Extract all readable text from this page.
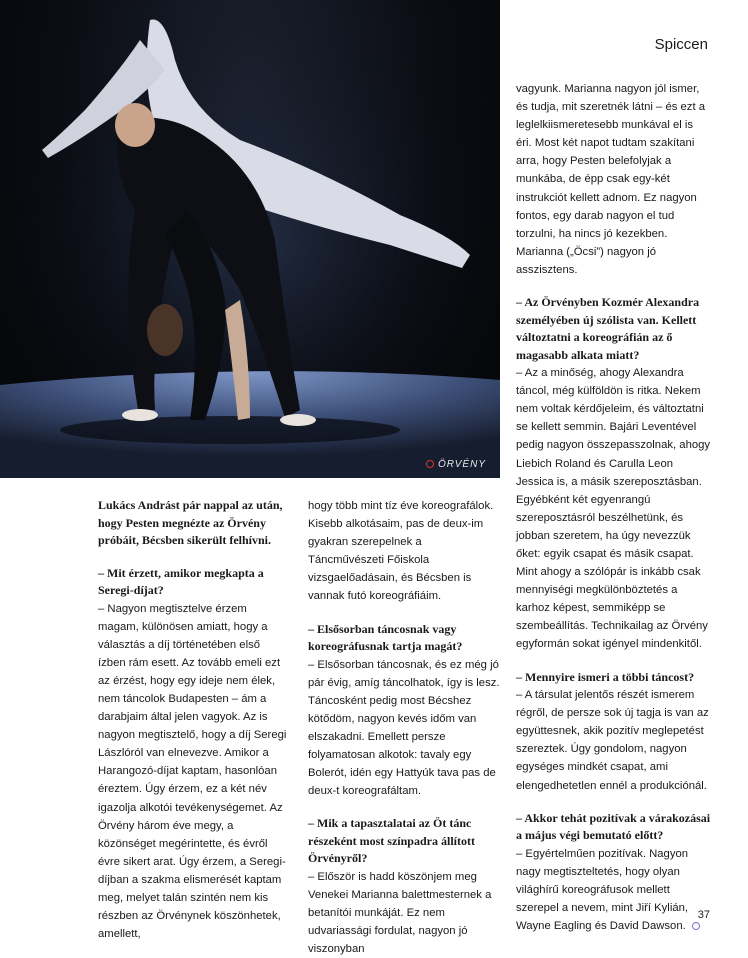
ÖRVÉNY
Spiccen

Lukács Andrást pár nappal az után, hogy Pesten megnézte az Örvény próbáit, Bécsben sikerült felhívni.

– Mit érzett, amikor megkapta a Seregi-díjat?

– Nagyon megtisztelve érzem magam, különösen amiatt, hogy a választás a díj történetében első ízben rám esett. Az tovább emeli ezt az érzést, hogy egy ideje nem élek, nem táncolok Budapesten – ám a darabjaim által jelen vagyok. Az is nagyon megtisztelő, hogy a díj Seregi Lászlóról van elnevezve. Amikor a Harangozó-díjat kaptam, hasonlóan éreztem. Úgy érzem, ez a két név igazolja alkotói tevékenységemet. Az Örvény három éve megy, a közönséget megérintette, és évről évre sikert arat. Úgy érzem, a Seregi-díjban a szakma elismerését kaptam meg, melyet talán szintén nem kis részben az Örvénynek köszönhetek, amellett,

hogy több mint tíz éve koreografálok. Kisebb alkotásaim, pas de deux-im gyakran szerepelnek a Táncművészeti Főiskola vizsgaelőadásain, és Bécsben is vannak futó koreográfiáim.

– Elsősorban táncosnak vagy koreográfusnak tartja magát?

– Elsősorban táncosnak, és ez még jó pár évig, amíg táncolhatok, így is lesz. Táncosként pedig most Bécshez kötődöm, nagyon kevés időm van elszakadni. Emellett persze folyamatosan alkotok: tavaly egy Bolerót, idén egy Hattyúk tava pas de deux-t koreografáltam.

– Mik a tapasztalatai az Öt tánc részeként most színpadra állított Örvényről?

– Először is hadd köszönjem meg Venekei Marianna balettmesternek a betanítói munkáját. Ez nem udvariassági fordulat, nagyon jó viszonyban

vagyunk. Marianna nagyon jól ismer, és tudja, mit szeretnék látni – és ezt a leglelkiismeretesebb munkával el is éri. Most két napot tudtam szakítani arra, hogy Pesten belefolyjak a munkába, de épp csak egy-két instrukciót kellett adnom. Ez nagyon fontos, egy darab nagyon el tud torzulni, ha nincs jó kezekben. Marianna („Öcsi”) nagyon jó asszisztens.

– Az Örvényben Kozmér Alexandra személyében új szólista van. Kellett változtatni a koreográfián az ő magasabb alkata miatt?

– Az a minőség, ahogy Alexandra táncol, még külföldön is ritka. Nekem nem voltak kérdőjeleim, és változtatni se kellett semmin. Bajári Leventével pedig nagyon összepasszolnak, ahogy Liebich Roland és Carulla Leon Jessica is, a másik szereposztásban. Egyébként két egyenrangú szereposztásról beszélhetünk, és jobban szeretem, ha úgy nevezzük őket: egyik csapat és másik csapat. Mint ahogy a szólópár is inkább csak mennyiségi megkülönböztetés a karhoz képest, semmiképp se szembeállítás. Technikailag az Örvény egyformán sokat igényel mindenkitől.

– Mennyire ismeri a többi táncost?

– A társulat jelentős részét ismerem régről, de persze sok új tagja is van az együttesnek, akik pozitív meglepetést szereztek. Úgy gondolom, nagyon egységes mindkét csapat, ami elengedhetetlen ennél a produkciónál.

– Akkor tehát pozitívak a várakozásai a május végi bemutató előtt?

– Egyértelműen pozitívak. Nagyon nagy megtiszteltetés, hogy olyan világhírű koreográfusok mellett szerepel a nevem, mint Jiří Kylián, Wayne Eagling és David Dawson.

37
